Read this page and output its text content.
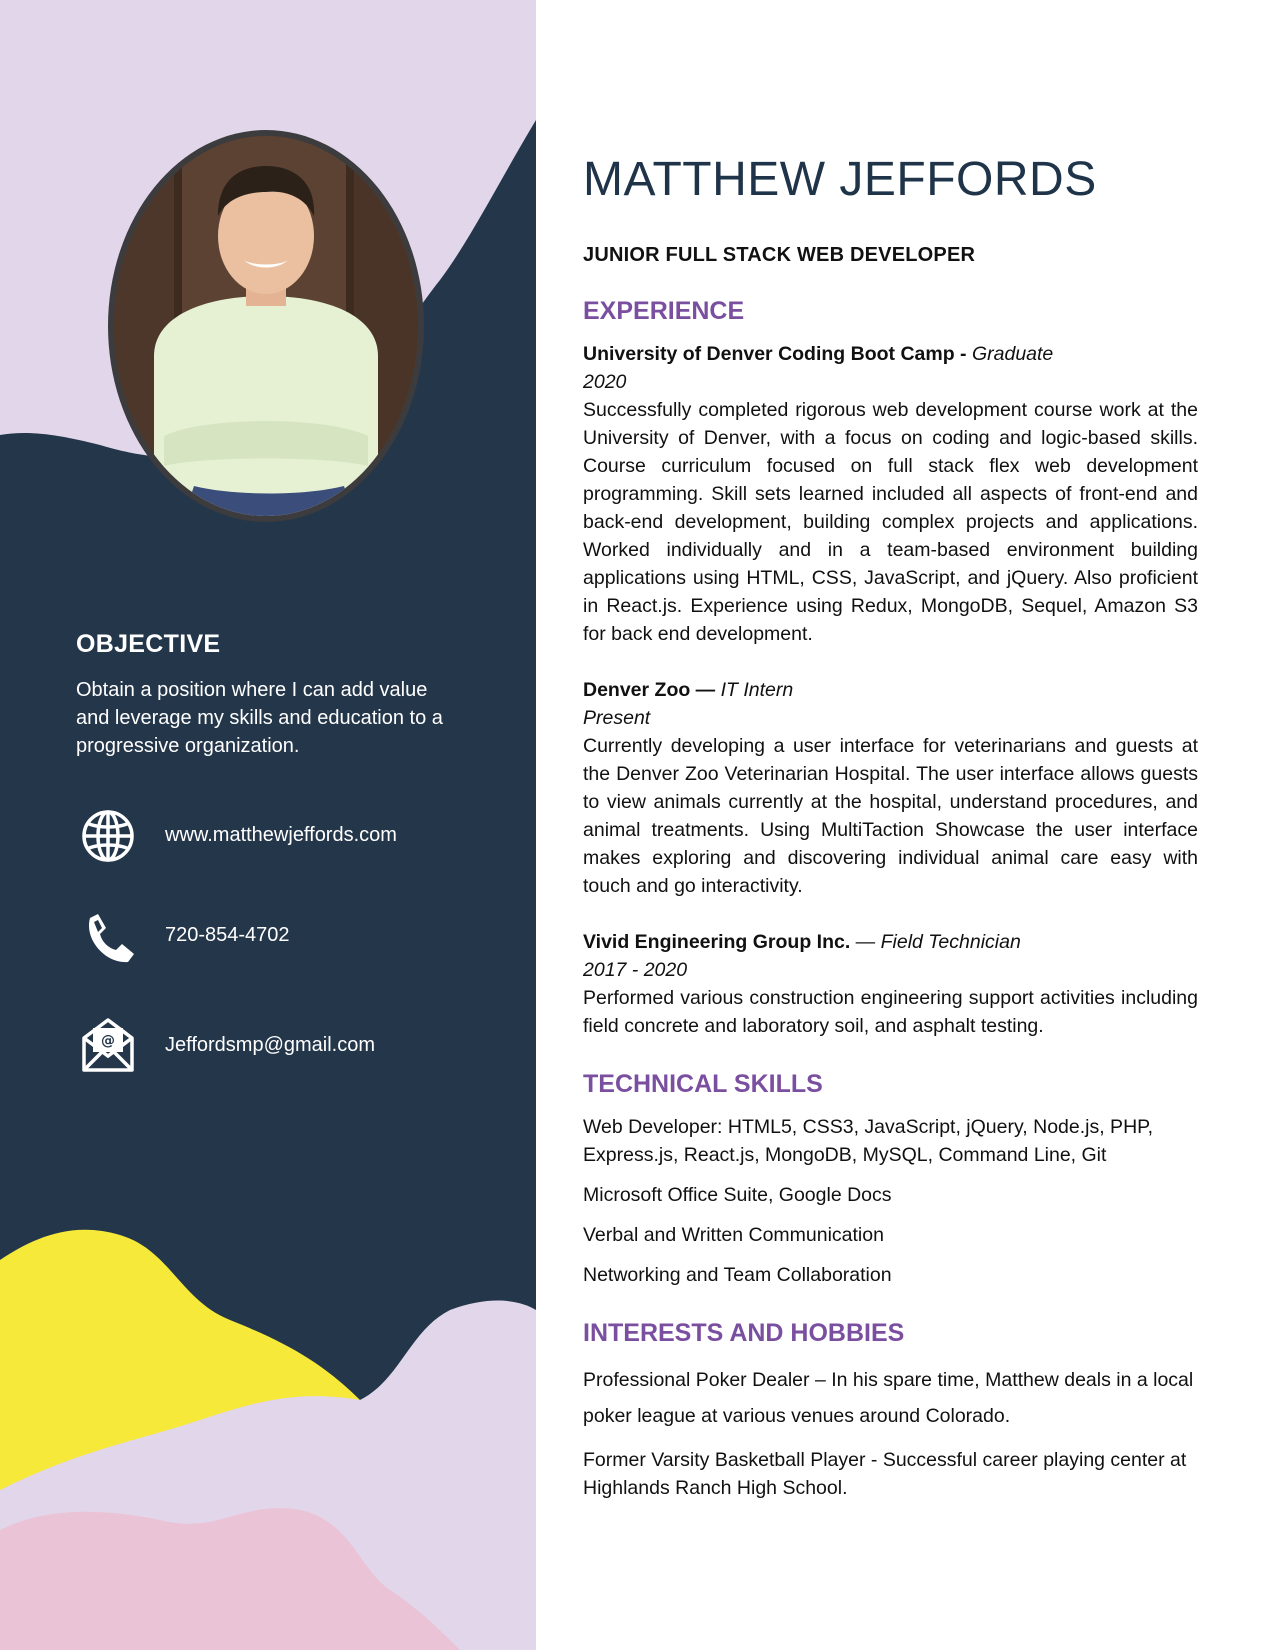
OBJECTIVE
Obtain a position where I can add value and leverage my skills and education to a progressive organization.
www.matthewjeffords.com
720-854-4702
@	Jeffordsmp@gmail.com
MATTHEW JEFFORDS
JUNIOR FULL STACK WEB DEVELOPER
EXPERIENCE
University of Denver Coding Boot Camp - Graduate
2020
Successfully completed rigorous web development course work at the University of Denver, with a focus on coding and logic-based skills. Course curriculum focused on full stack flex web development programming. Skill sets learned included all aspects of front-end and back-end development, building complex projects and applications. Worked individually and in a team-based environment building applications using HTML, CSS, JavaScript, and jQuery. Also proficient in React.js. Experience using Redux, MongoDB, Sequel, Amazon S3 for back end development.
Denver Zoo — IT Intern
Present
Currently developing a user interface for veterinarians and guests at the Denver Zoo Veterinarian Hospital. The user interface allows guests to view animals currently at the hospital, understand procedures, and animal treatments. Using MultiTaction Showcase the user interface makes exploring and discovering individual animal care easy with touch and go interactivity.
Vivid Engineering Group Inc. — Field Technician
2017 - 2020
Performed various construction engineering support activities including field concrete and laboratory soil, and asphalt testing.
TECHNICAL SKILLS
Web Developer: HTML5, CSS3, JavaScript, jQuery, Node.js, PHP, Express.js, React.js, MongoDB, MySQL, Command Line, Git
Microsoft Office Suite, Google Docs
Verbal and Written Communication
Networking and Team Collaboration
INTERESTS AND HOBBIES
Professional Poker Dealer – In his spare time, Matthew deals in a local poker league at various venues around Colorado.
Former Varsity Basketball Player - Successful career playing center at Highlands Ranch High School.
